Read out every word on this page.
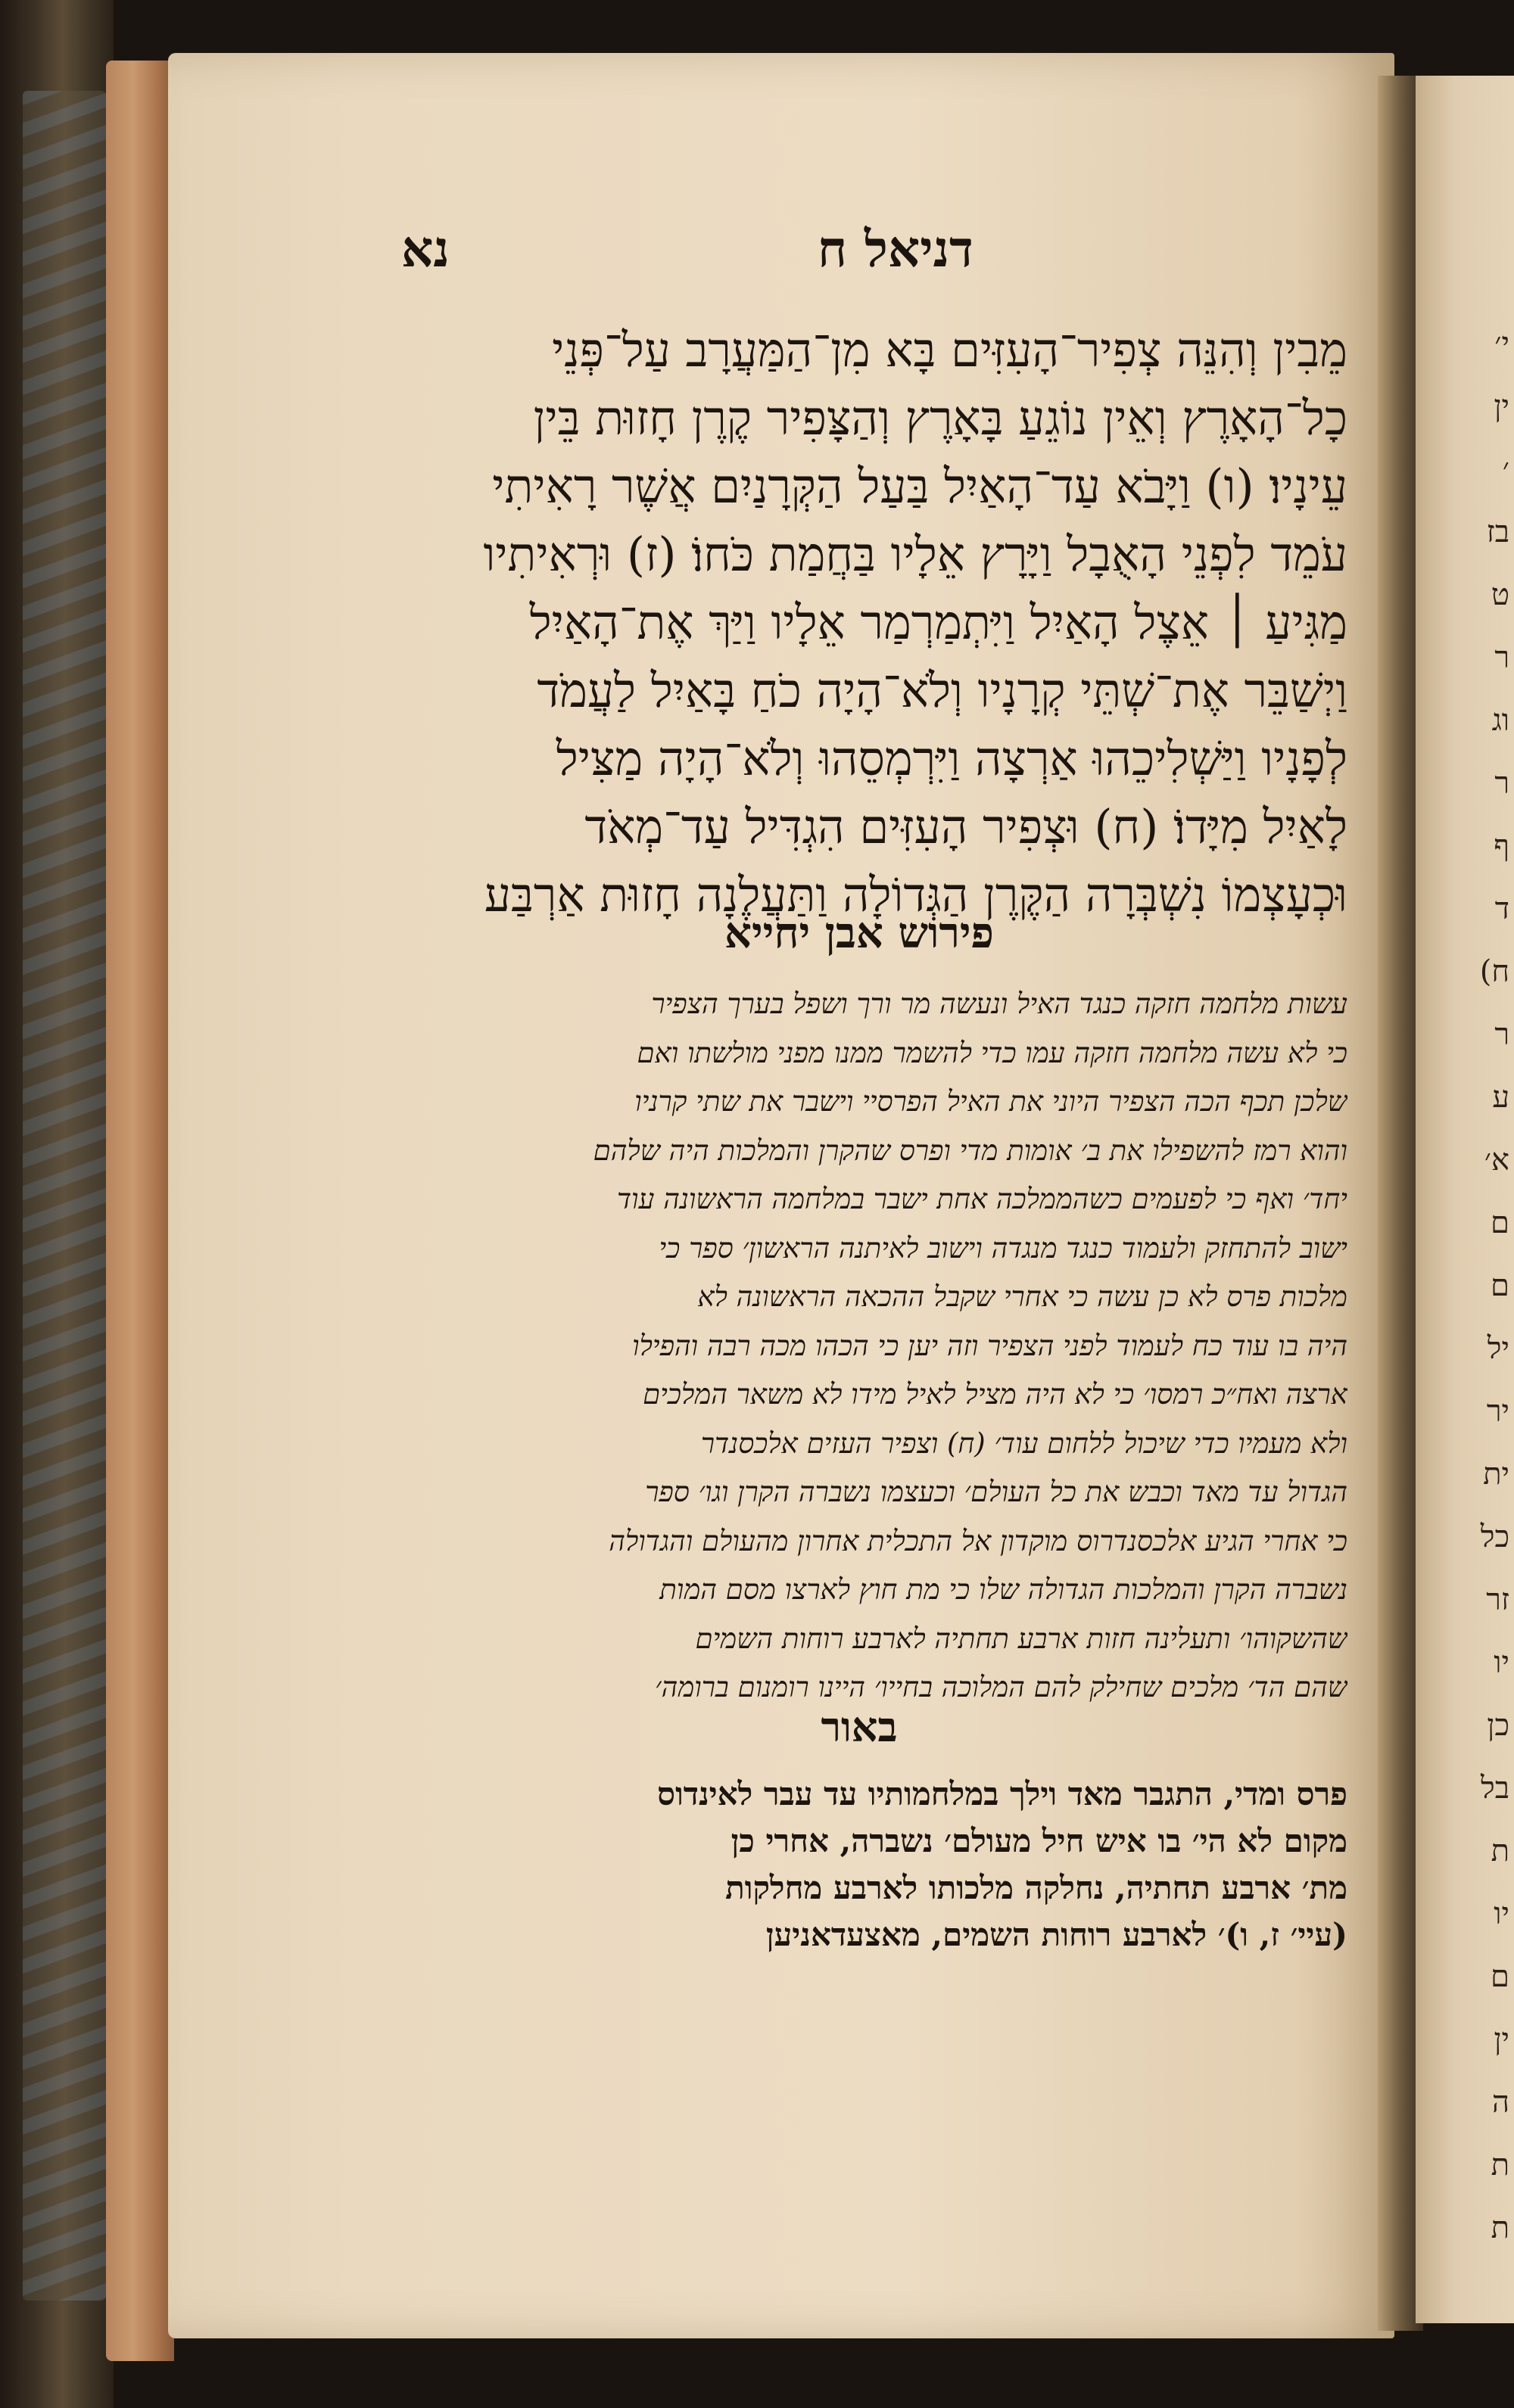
י׳
ין
׳
בז
ט
ר
וג
ר
ף
ד
ח)
ר
ע
א׳
ם
ם
יל
יר
ית
כל
זר
יו
כן
בל
ת
יו
ם
ין
ה
ת
ת
נא	דניאל ח
מֵבִין וְהִנֵּה צְפִיר־הָעִזִּים בָּא מִן־הַמַּעֲרָב עַל־פְּנֵי
כָל־הָאָרֶץ וְאֵין נוֹגֵעַ בָּאָרֶץ וְהַצָּפִיר קֶרֶן חָזוּת בֵּין
עֵינָיו׃ (ו) וַיָּבֹא עַד־הָאַיִל בַּעַל הַקְּרָנַיִם אֲשֶׁר רָאִיתִי
עֹמֵד לִפְנֵי הָאֻבָל וַיָּרָץ אֵלָיו בַּחֲמַת כֹּחוֹ׃ (ז) וּרְאִיתִיו
מַגִּיעַ ׀ אֵצֶל הָאַיִל וַיִּתְמַרְמַר אֵלָיו וַיַּךְ אֶת־הָאַיִל
וַיְשַׁבֵּר אֶת־שְׁתֵּי קְרָנָיו וְלֹא־הָיָה כֹחַ בָּאַיִל לַעֲמֹד
לְפָנָיו וַיַּשְׁלִיכֵהוּ אַרְצָה וַיִּרְמְסֵהוּ וְלֹא־הָיָה מַצִּיל
לָאַיִל מִיָּדוֹ׃ (ח) וּצְפִיר הָעִזִּים הִגְדִּיל עַד־מְאֹד
וּכְעָצְמוֹ נִשְׁבְּרָה הַקֶּרֶן הַגְּדוֹלָה וַתַּעֲלֶנָה חָזוּת אַרְבַּע
פירוש אבן יחייא
עשות מלחמה חזקה כנגד האיל ונעשה מר ורך ושפל בערך הצפיר
כי לא עשה מלחמה חזקה עמו כדי להשמר ממנו מפני מולשתו ואם
שלכן תכף הכה הצפיר היוני את האיל הפרסיי וישבר את שתי קרניו
והוא רמז להשפילו את ב׳ אומות מדי ופרס שהקרן והמלכות היה שלהם
יחד׳ ואף כי לפעמים כשהממלכה אחת ישבר במלחמה הראשונה עוד
ישוב להתחזק ולעמוד כנגד מנגדה וישוב לאיתנה הראשון׳ ספר כי
מלכות פרס לא כן עשה כי אחרי שקבל ההכאה הראשונה לא
היה בו עוד כח לעמוד לפני הצפיר וזה יען כי הכהו מכה רבה והפילו
ארצה ואח״כ רמסו׳ כי לא היה מציל לאיל מידו לא משאר המלכים
ולא מעמיו כדי שיכול ללחום עוד׳ (ח) וצפיר העזים אלכסנדר
הגדול עד מאד וכבש את כל העולם׳ וכעצמו נשברה הקרן וגו׳ ספר
כי אחרי הגיע אלכסנדרוס מוקדון אל התכלית אחרון מהעולם והגדולה
נשברה הקרן והמלכות הגדולה שלו כי מת חוץ לארצו מסם המות
שהשקוהו׳ ותעלינה חזות ארבע תחתיה לארבע רוחות השמים
שהם הד׳ מלכים שחילק להם המלוכה בחייו׳ היינו רומנום ברומה׳
באור
פרס ומדי, התגבר מאד וילך במלחמותיו עד עבר לאינדוס
מקום לא הי׳ בו איש חיל מעולם׳ נשברה, אחרי כן
מת׳ ארבע תחתיה, נחלקה מלכותו לארבע מחלקות
(עיי׳ ז, ו)׳ לארבע רוחות השמים, מאצעדאניען
